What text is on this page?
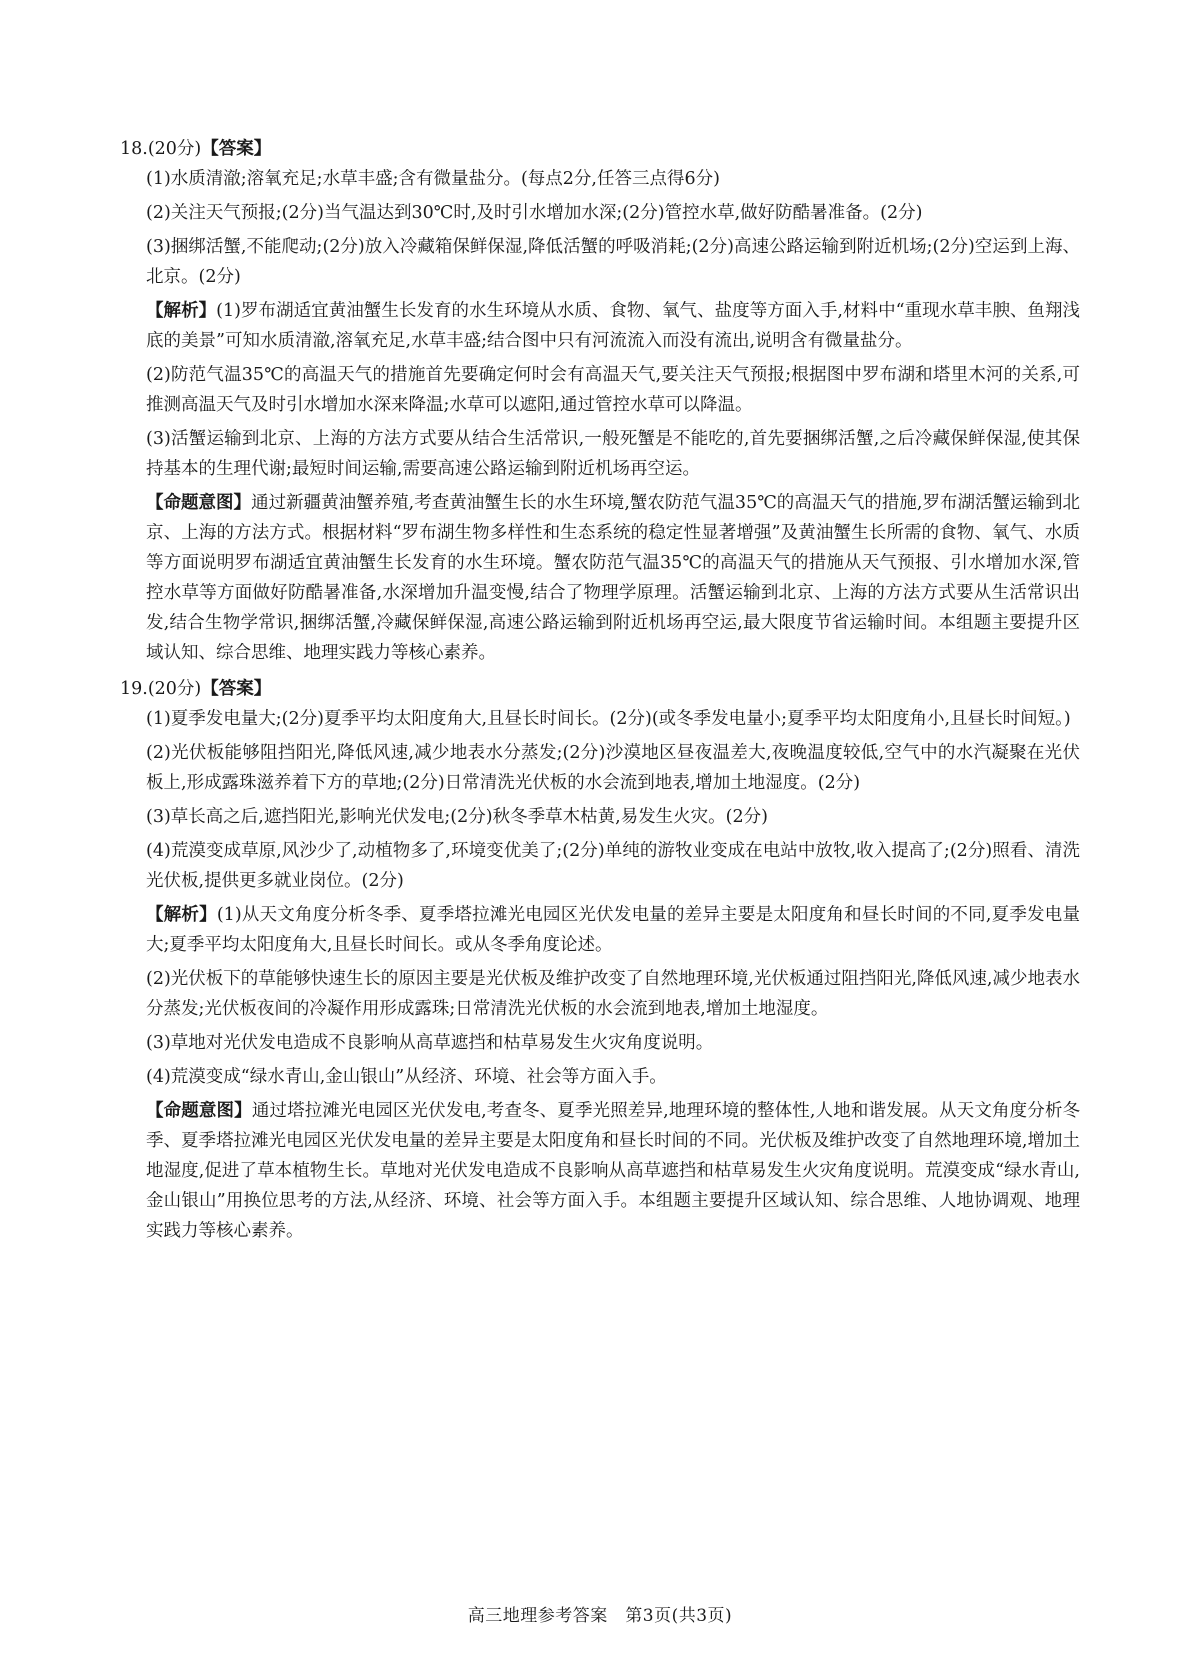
18.(20分)【答案】
(1)水质清澈;溶氧充足;水草丰盛;含有微量盐分。(每点2分,任答三点得6分)
(2)关注天气预报;(2分)当气温达到30℃时,及时引水增加水深;(2分)管控水草,做好防酷暑准备。(2分)
(3)捆绑活蟹,不能爬动;(2分)放入冷藏箱保鲜保湿,降低活蟹的呼吸消耗;(2分)高速公路运输到附近机场;(2分)空运到上海、北京。(2分)
【解析】(1)罗布湖适宜黄油蟹生长发育的水生环境从水质、食物、氧气、盐度等方面入手,材料中“重现水草丰腴、鱼翔浅底的美景”可知水质清澈,溶氧充足,水草丰盛;结合图中只有河流流入而没有流出,说明含有微量盐分。
(2)防范气温35℃的高温天气的措施首先要确定何时会有高温天气,要关注天气预报;根据图中罗布湖和塔里木河的关系,可推测高温天气及时引水增加水深来降温;水草可以遮阳,通过管控水草可以降温。
(3)活蟹运输到北京、上海的方法方式要从结合生活常识,一般死蟹是不能吃的,首先要捆绑活蟹,之后冷藏保鲜保湿,使其保持基本的生理代谢;最短时间运输,需要高速公路运输到附近机场再空运。
【命题意图】通过新疆黄油蟹养殖,考查黄油蟹生长的水生环境,蟹农防范气温35℃的高温天气的措施,罗布湖活蟹运输到北京、上海的方法方式。根据材料“罗布湖生物多样性和生态系统的稳定性显著增强”及黄油蟹生长所需的食物、氧气、水质等方面说明罗布湖适宜黄油蟹生长发育的水生环境。蟹农防范气温35℃的高温天气的措施从天气预报、引水增加水深,管控水草等方面做好防酷暑准备,水深增加升温变慢,结合了物理学原理。活蟹运输到北京、上海的方法方式要从生活常识出发,结合生物学常识,捆绑活蟹,冷藏保鲜保湿,高速公路运输到附近机场再空运,最大限度节省运输时间。本组题主要提升区域认知、综合思维、地理实践力等核心素养。
19.(20分)【答案】
(1)夏季发电量大;(2分)夏季平均太阳度角大,且昼长时间长。(2分)(或冬季发电量小;夏季平均太阳度角小,且昼长时间短。)
(2)光伏板能够阻挡阳光,降低风速,减少地表水分蒸发;(2分)沙漠地区昼夜温差大,夜晚温度较低,空气中的水汽凝聚在光伏板上,形成露珠滋养着下方的草地;(2分)日常清洗光伏板的水会流到地表,增加土地湿度。(2分)
(3)草长高之后,遮挡阳光,影响光伏发电;(2分)秋冬季草木枯黄,易发生火灾。(2分)
(4)荒漠变成草原,风沙少了,动植物多了,环境变优美了;(2分)单纯的游牧业变成在电站中放牧,收入提高了;(2分)照看、清洗光伏板,提供更多就业岗位。(2分)
【解析】(1)从天文角度分析冬季、夏季塔拉滩光电园区光伏发电量的差异主要是太阳度角和昼长时间的不同,夏季发电量大;夏季平均太阳度角大,且昼长时间长。或从冬季角度论述。
(2)光伏板下的草能够快速生长的原因主要是光伏板及维护改变了自然地理环境,光伏板通过阻挡阳光,降低风速,减少地表水分蒸发;光伏板夜间的冷凝作用形成露珠;日常清洗光伏板的水会流到地表,增加土地湿度。
(3)草地对光伏发电造成不良影响从高草遮挡和枯草易发生火灾角度说明。
(4)荒漠变成“绿水青山,金山银山”从经济、环境、社会等方面入手。
【命题意图】通过塔拉滩光电园区光伏发电,考查冬、夏季光照差异,地理环境的整体性,人地和谐发展。从天文角度分析冬季、夏季塔拉滩光电园区光伏发电量的差异主要是太阳度角和昼长时间的不同。光伏板及维护改变了自然地理环境,增加土地湿度,促进了草本植物生长。草地对光伏发电造成不良影响从高草遮挡和枯草易发生火灾角度说明。荒漠变成“绿水青山,金山银山”用换位思考的方法,从经济、环境、社会等方面入手。本组题主要提升区域认知、综合思维、人地协调观、地理实践力等核心素养。
高三地理参考答案　第3页(共3页)
